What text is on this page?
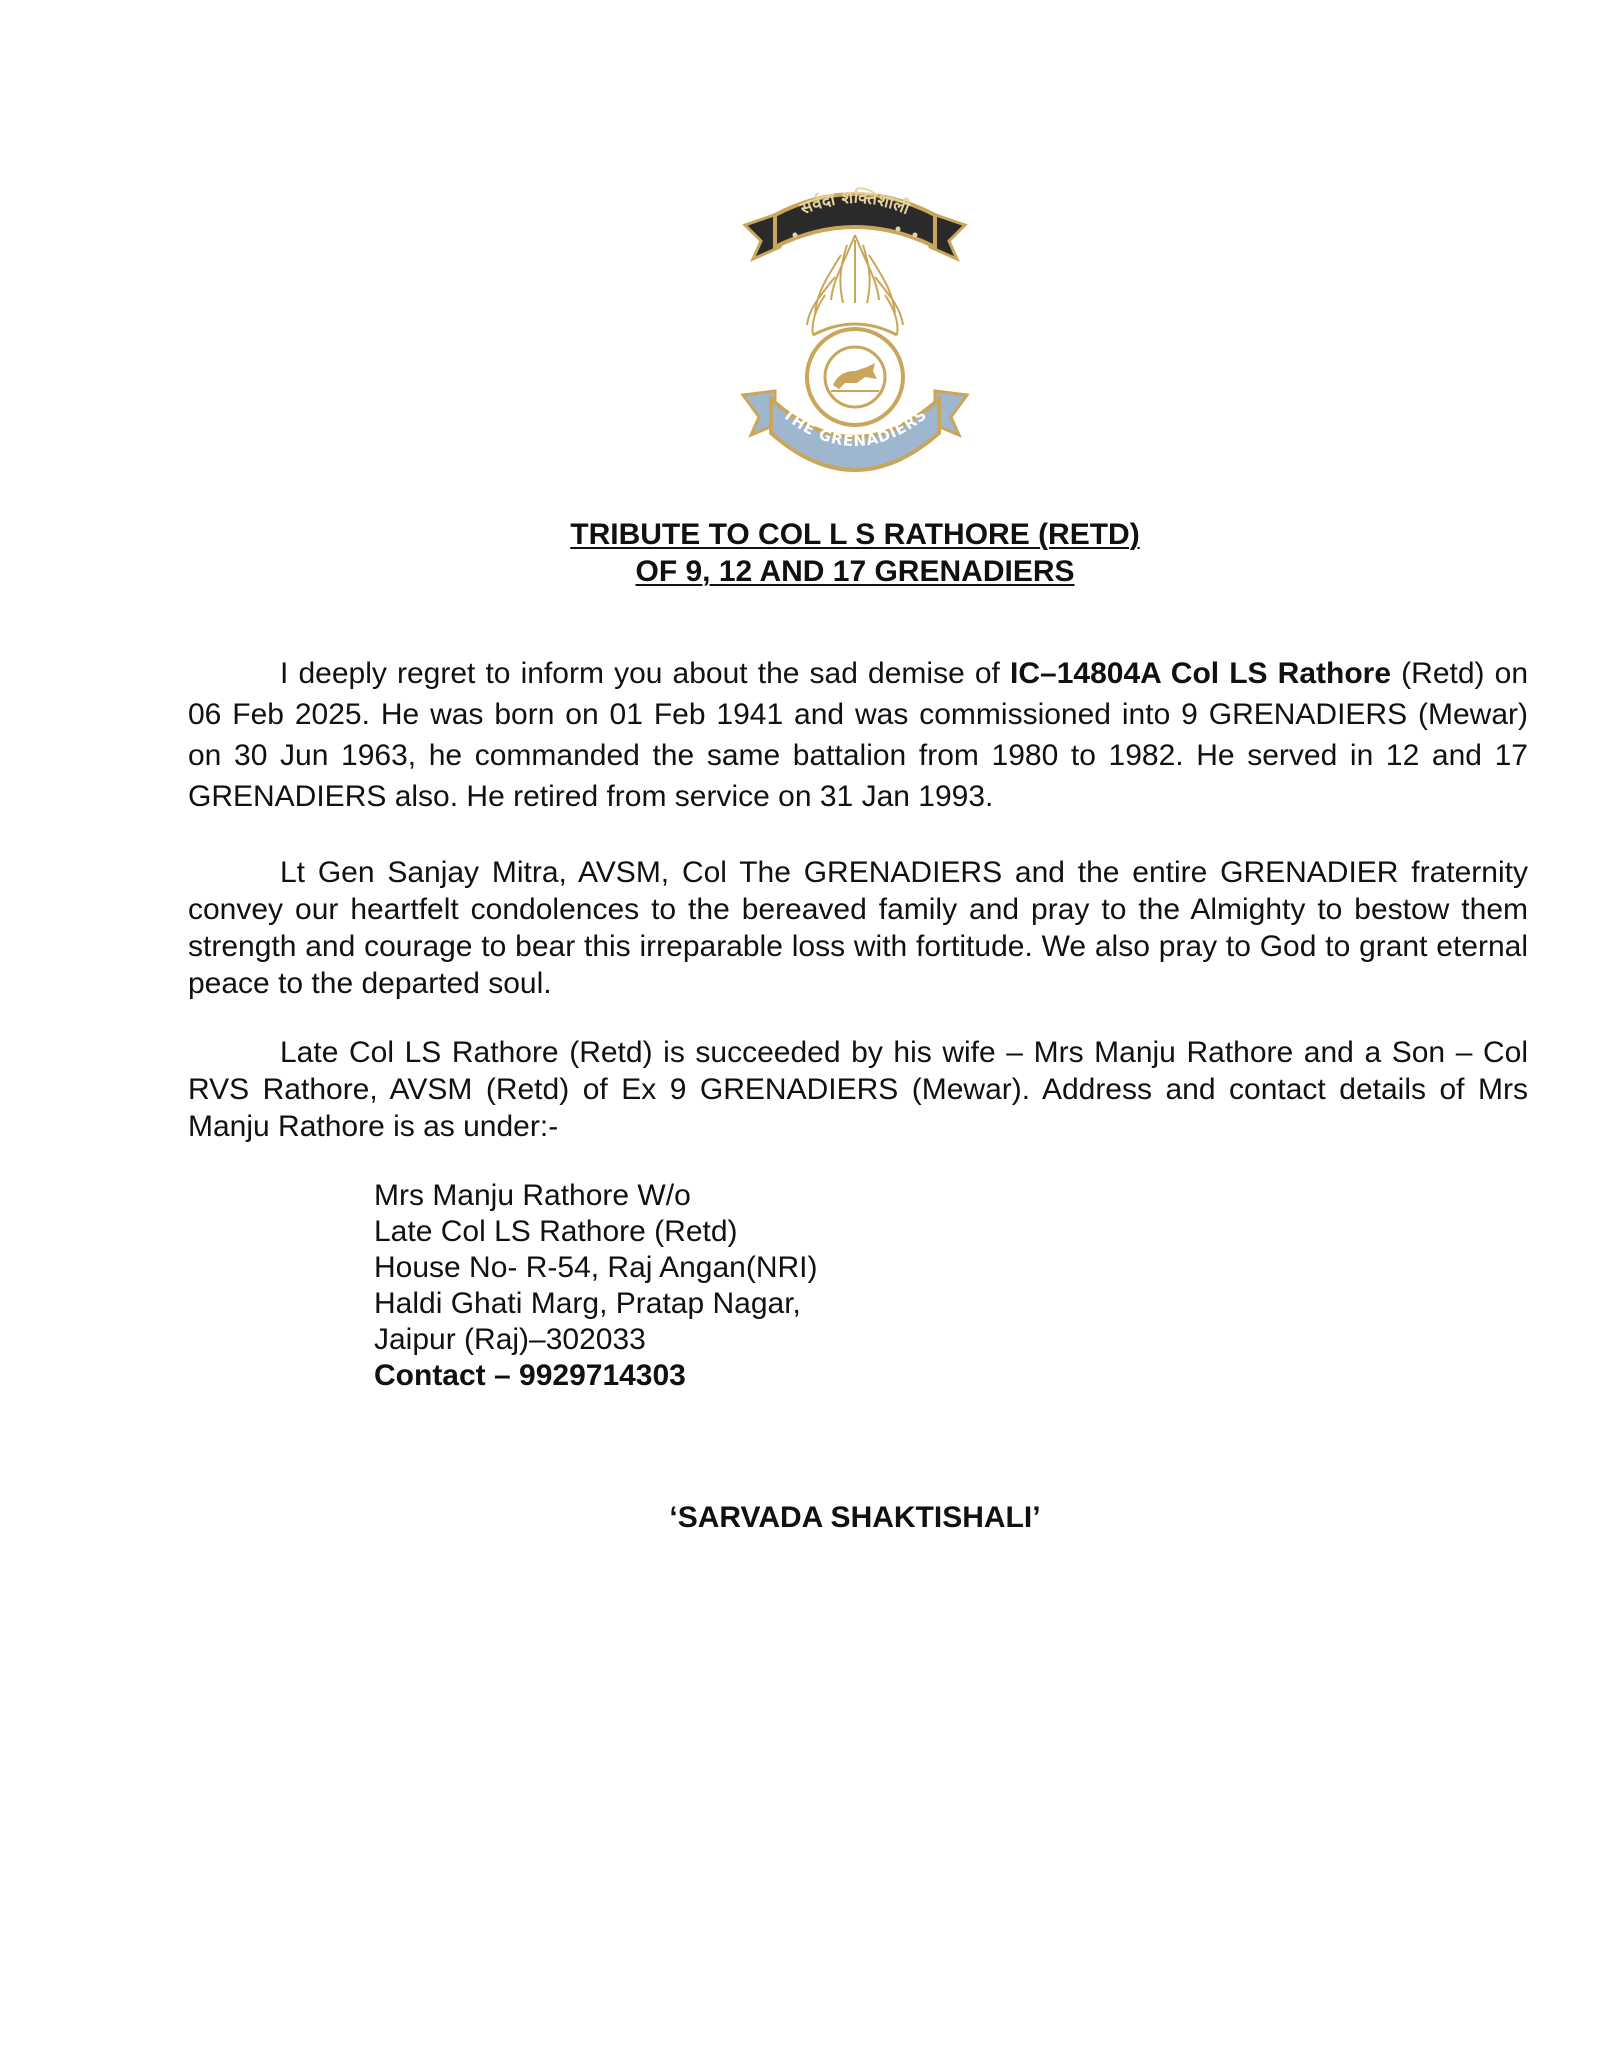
सर्वदा शक्तिशाली
THE GRENADIERS
TRIBUTE TO COL L S RATHORE (RETD)
OF 9, 12 AND 17 GRENADIERS

I deeply regret to inform you about the sad demise of IC–14804A Col LS Rathore (Retd) on 06 Feb 2025. He was born on 01 Feb 1941 and was commissioned into 9 GRENADIERS (Mewar) on 30 Jun 1963, he commanded the same battalion from 1980 to 1982. He served in 12 and 17 GRENADIERS also. He retired from service on 31 Jan 1993.

Lt Gen Sanjay Mitra, AVSM, Col The GRENADIERS and the entire GRENADIER fraternity convey our heartfelt condolences to the bereaved family and pray to the Almighty to bestow them strength and courage to bear this irreparable loss with fortitude. We also pray to God to grant eternal peace to the departed soul.

Late Col LS Rathore (Retd) is succeeded by his wife – Mrs Manju Rathore and a Son – Col RVS Rathore, AVSM (Retd) of Ex 9 GRENADIERS (Mewar). Address and contact details of Mrs Manju Rathore is as under:-

Mrs Manju Rathore W/o
Late Col LS Rathore (Retd)
House No- R-54, Raj Angan(NRI)
Haldi Ghati Marg, Pratap Nagar,
Jaipur (Raj)–302033
Contact – 9929714303
‘SARVADA SHAKTISHALI’
